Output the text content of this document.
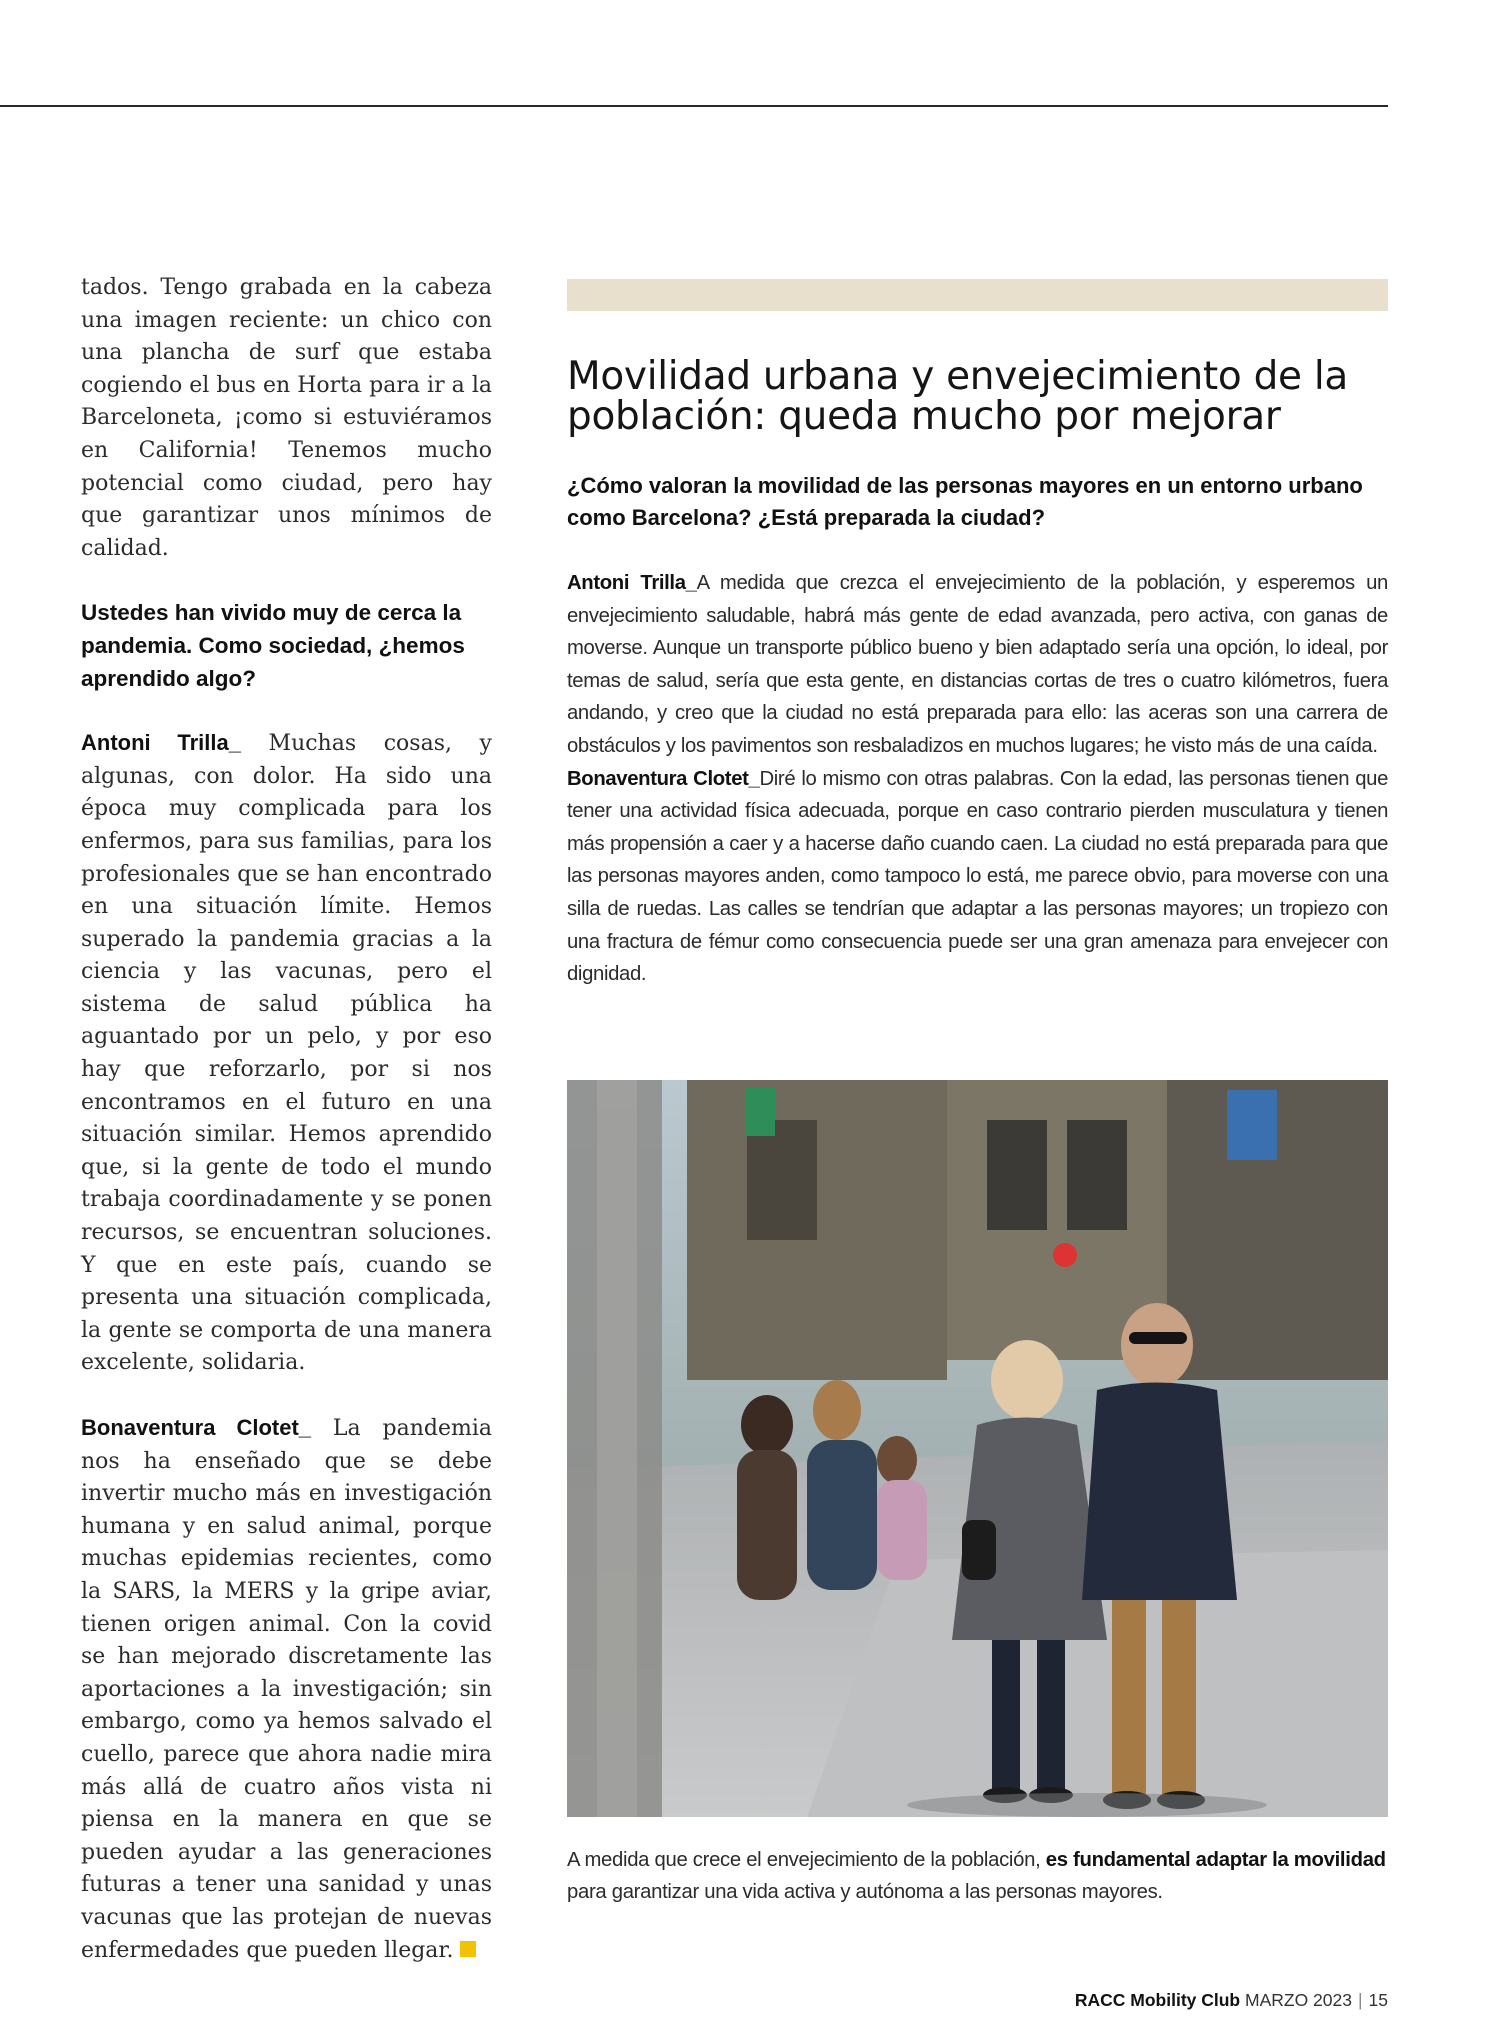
tados. Tengo grabada en la cabeza una imagen reciente: un chico con una plancha de surf que estaba cogiendo el bus en Horta para ir a la Barceloneta, ¡como si estuviéramos en California! Tenemos mucho potencial como ciudad, pero hay que garantizar unos mínimos de calidad.

Ustedes han vivido muy de cerca la pandemia. Como sociedad, ¿hemos aprendido algo?

Antoni Trilla_ Muchas cosas, y algunas, con dolor. Ha sido una época muy complicada para los enfermos, para sus familias, para los profesionales que se han encontrado en una situación límite. Hemos superado la pandemia gracias a la ciencia y las vacunas, pero el sistema de salud pública ha aguantado por un pelo, y por eso hay que reforzarlo, por si nos encontramos en el futuro en una situación similar. Hemos aprendido que, si la gente de todo el mundo trabaja coordinadamente y se ponen recursos, se encuentran soluciones. Y que en este país, cuando se presenta una situación complicada, la gente se comporta de una manera excelente, solidaria.

Bonaventura Clotet_ La pandemia nos ha enseñado que se debe invertir mucho más en investigación humana y en salud animal, porque muchas epidemias recientes, como la SARS, la MERS y la gripe aviar, tienen origen animal. Con la covid se han mejorado discretamente las aportaciones a la investigación; sin embargo, como ya hemos salvado el cuello, parece que ahora nadie mira más allá de cuatro años vista ni piensa en la manera en que se pueden ayudar a las generaciones futuras a tener una sanidad y unas vacunas que las protejan de nuevas enfermedades que pueden llegar.

Movilidad urbana y envejecimiento de la población: queda mucho por mejorar

¿Cómo valoran la movilidad de las personas mayores en un entorno urbano como Barcelona? ¿Está preparada la ciudad?

Antoni Trilla_A medida que crezca el envejecimiento de la población, y esperemos un envejecimiento saludable, habrá más gente de edad avanzada, pero activa, con ganas de moverse. Aunque un transporte público bueno y bien adaptado sería una opción, lo ideal, por temas de salud, sería que esta gente, en distancias cortas de tres o cuatro kilómetros, fuera andando, y creo que la ciudad no está preparada para ello: las aceras son una carrera de obstáculos y los pavimentos son resbaladizos en muchos lugares; he visto más de una caída.

Bonaventura Clotet_Diré lo mismo con otras palabras. Con la edad, las personas tienen que tener una actividad física adecuada, porque en caso contrario pierden musculatura y tienen más propensión a caer y a hacerse daño cuando caen. La ciudad no está preparada para que las personas mayores anden, como tampoco lo está, me parece obvio, para moverse con una silla de ruedas. Las calles se tendrían que adaptar a las personas mayores; un tropiezo con una fractura de fémur como consecuencia puede ser una gran amenaza para envejecer con dignidad.

A medida que crece el envejecimiento de la población, es fundamental adaptar la movilidad para garantizar una vida activa y autónoma a las personas mayores.

RACC Mobility Club MARZO 2023 | 15
